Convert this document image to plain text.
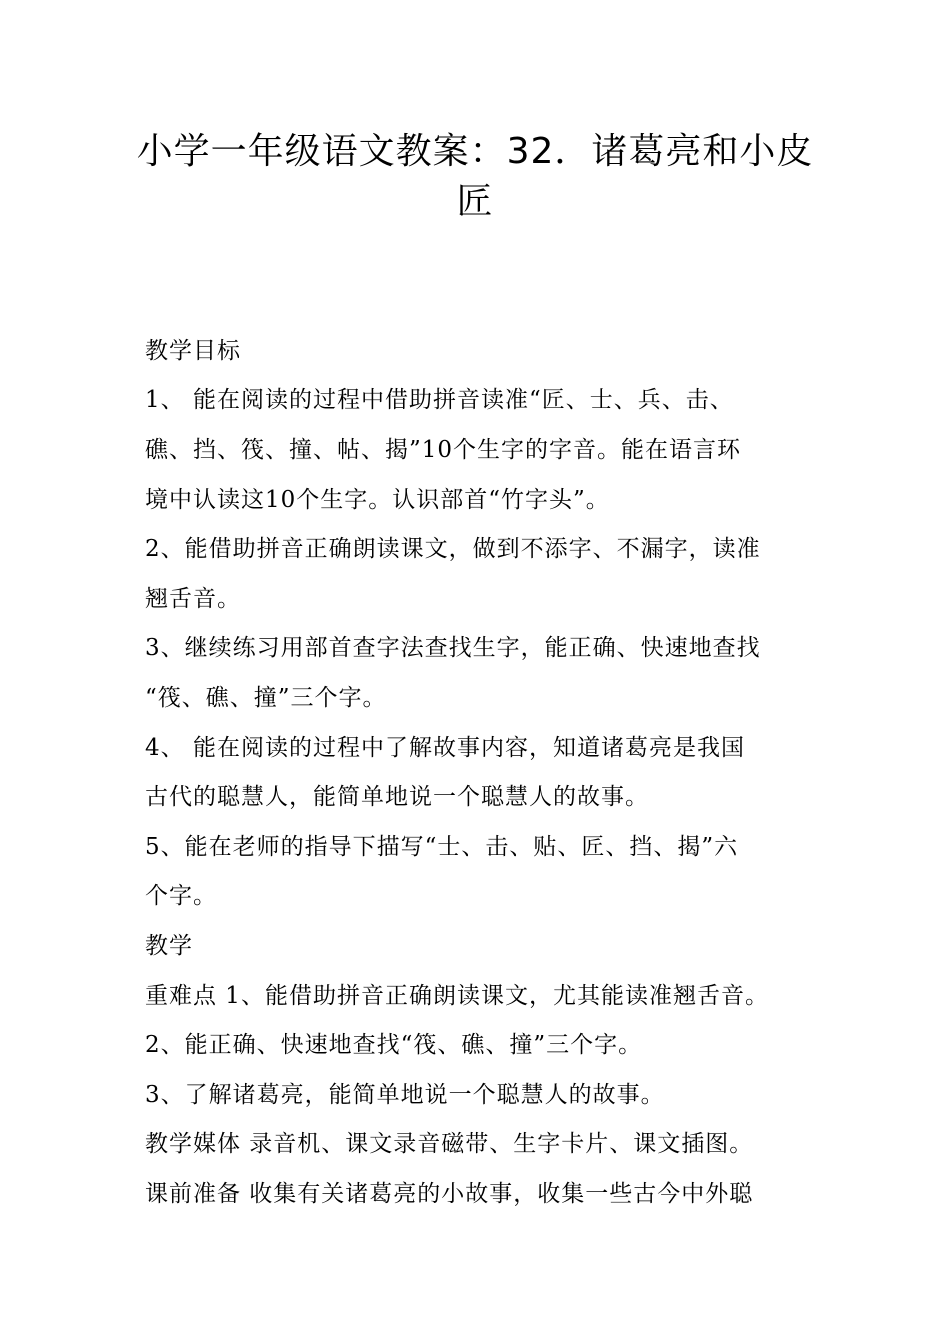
小学一年级语文教案：32．诸葛亮和小皮
匠
教学目标
1、 能在阅读的过程中借助拼音读准“匠、士、兵、击、
礁、挡、筏、撞、帖、揭”10个生字的字音。能在语言环
境中认读这10个生字。认识部首“竹字头”。
2、能借助拼音正确朗读课文，做到不添字、不漏字，读准
翘舌音。
3、继续练习用部首查字法查找生字，能正确、快速地查找
“筏、礁、撞”三个字。
4、 能在阅读的过程中了解故事内容，知道诸葛亮是我国
古代的聪慧人，能简单地说一个聪慧人的故事。
5、能在老师的指导下描写“士、击、贴、匠、挡、揭”六
个字。
教学
重难点 1、能借助拼音正确朗读课文，尤其能读准翘舌音。
2、能正确、快速地查找“筏、礁、撞”三个字。
3、了解诸葛亮，能简单地说一个聪慧人的故事。
教学媒体 录音机、课文录音磁带、生字卡片、课文插图。
课前准备 收集有关诸葛亮的小故事，收集一些古今中外聪
